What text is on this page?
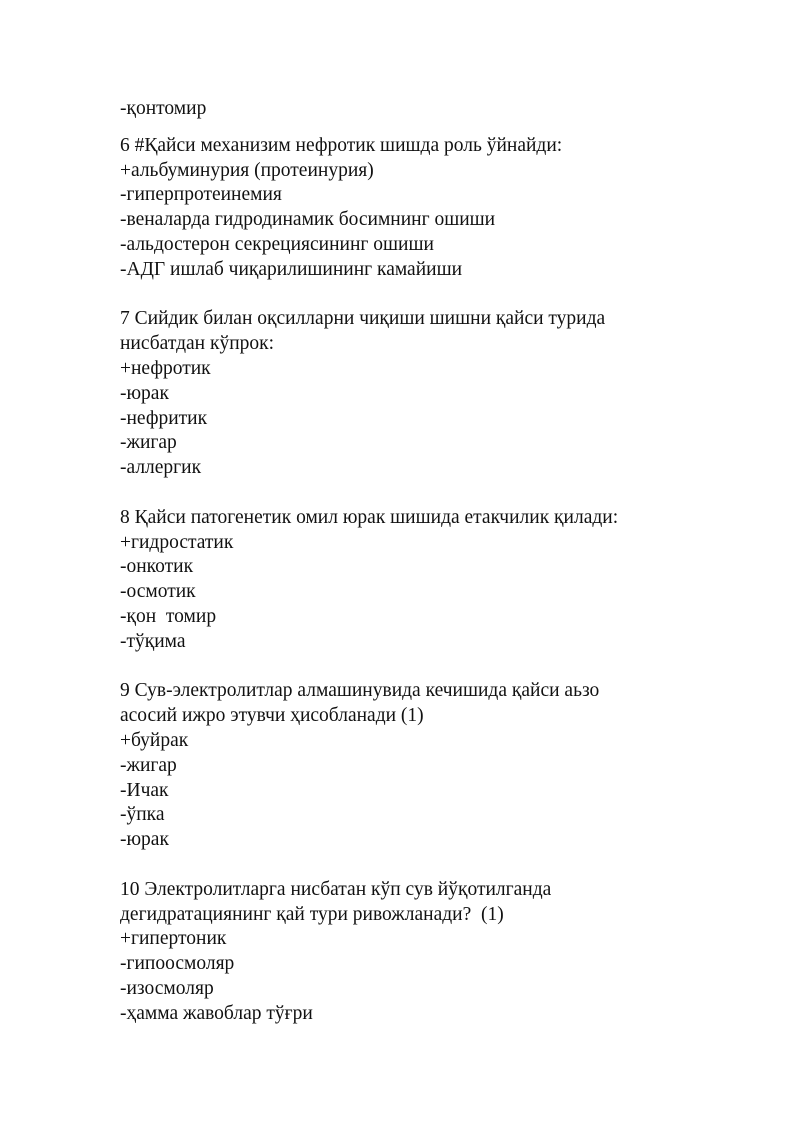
-қонтомир

6 #Қайси механизим нефротик шишда роль ўйнайди:

+альбуминурия (протеинурия)

-гиперпротеинемия

-веналарда гидродинамик босимнинг ошиши

-альдостерон секрециясининг ошиши

-АДГ ишлаб чиқарилишининг камайиши

7 Сийдик билан оқсилларни чиқиши шишни қайси турида

нисбатдан кўпрок:

+нефротик

-юрак

-нефритик

-жигар

-аллергик

8 Қайси патогенетик омил юрак шишида етакчилик қилади:

+гидростатик

-онкотик

-осмотик

-қон  томир

-тўқима

9 Сув-электролитлар алмашинувида кечишида қайси аьзо

асосий ижро этувчи ҳисобланади (1)

+буйрак

-жигар

-Ичак

-ўпка

-юрак

10 Электролитларга нисбатан кўп сув йўқотилганда

дегидратациянинг қай тури ривожланади?  (1)

+гипертоник

-гипоосмоляр

-изосмоляр

-ҳамма жавоблар тўғри
